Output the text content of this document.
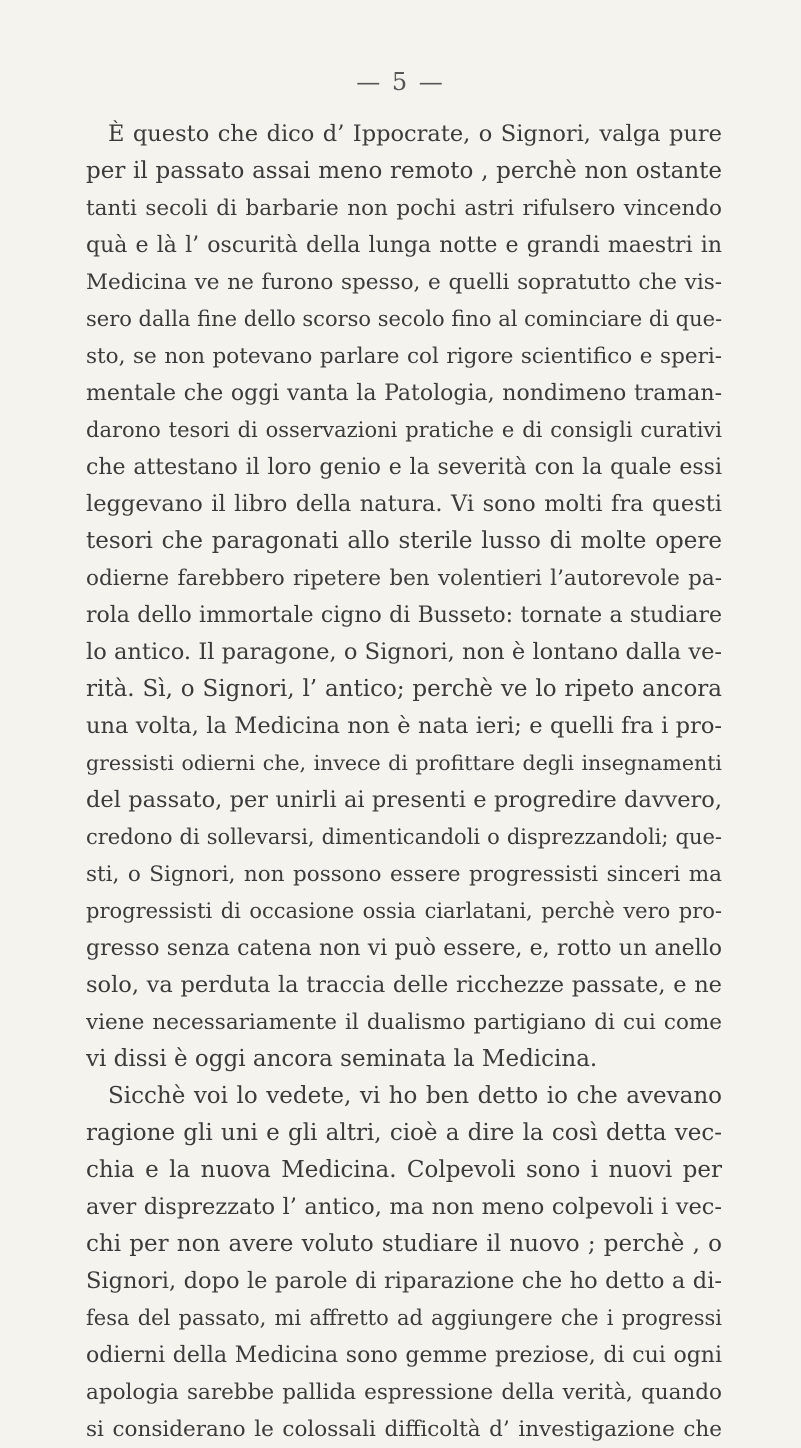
— 5 —
È questo che dico d’ Ippocrate, o Signori, valga pure
per il passato assai meno remoto , perchè non ostante
tanti secoli di barbarie non pochi astri rifulsero vincendo
quà e là l’ oscurità della lunga notte e grandi maestri in
Medicina ve ne furono spesso, e quelli sopratutto che vis-
sero dalla fine dello scorso secolo fino al cominciare di que-
sto, se non potevano parlare col rigore scientifico e speri-
mentale che oggi vanta la Patologia, nondimeno traman-
darono tesori di osservazioni pratiche e di consigli curativi
che attestano il loro genio e la severità con la quale essi
leggevano il libro della natura. Vi sono molti fra questi
tesori che paragonati allo sterile lusso di molte opere
odierne farebbero ripetere ben volentieri l’autorevole pa-
rola dello immortale cigno di Busseto: tornate a studiare
lo antico. Il paragone, o Signori, non è lontano dalla ve-
rità. Sì, o Signori, l’ antico; perchè ve lo ripeto ancora
una volta, la Medicina non è nata ieri; e quelli fra i pro-
gressisti odierni che, invece di profittare degli insegnamenti
del passato, per unirli ai presenti e progredire davvero,
credono di sollevarsi, dimenticandoli o disprezzandoli; que-
sti, o Signori, non possono essere progressisti sinceri ma
progressisti di occasione ossia ciarlatani, perchè vero pro-
gresso senza catena non vi può essere, e, rotto un anello
solo, va perduta la traccia delle ricchezze passate, e ne
viene necessariamente il dualismo partigiano di cui come
vi dissi è oggi ancora seminata la Medicina.
Sicchè voi lo vedete, vi ho ben detto io che avevano
ragione gli uni e gli altri, cioè a dire la così detta vec-
chia e la nuova Medicina. Colpevoli sono i nuovi per
aver disprezzato l’ antico, ma non meno colpevoli i vec-
chi per non avere voluto studiare il nuovo ; perchè , o
Signori, dopo le parole di riparazione che ho detto a di-
fesa del passato, mi affretto ad aggiungere che i progressi
odierni della Medicina sono gemme preziose, di cui ogni
apologia sarebbe pallida espressione della verità, quando
si considerano le colossali difficoltà d’ investigazione che
